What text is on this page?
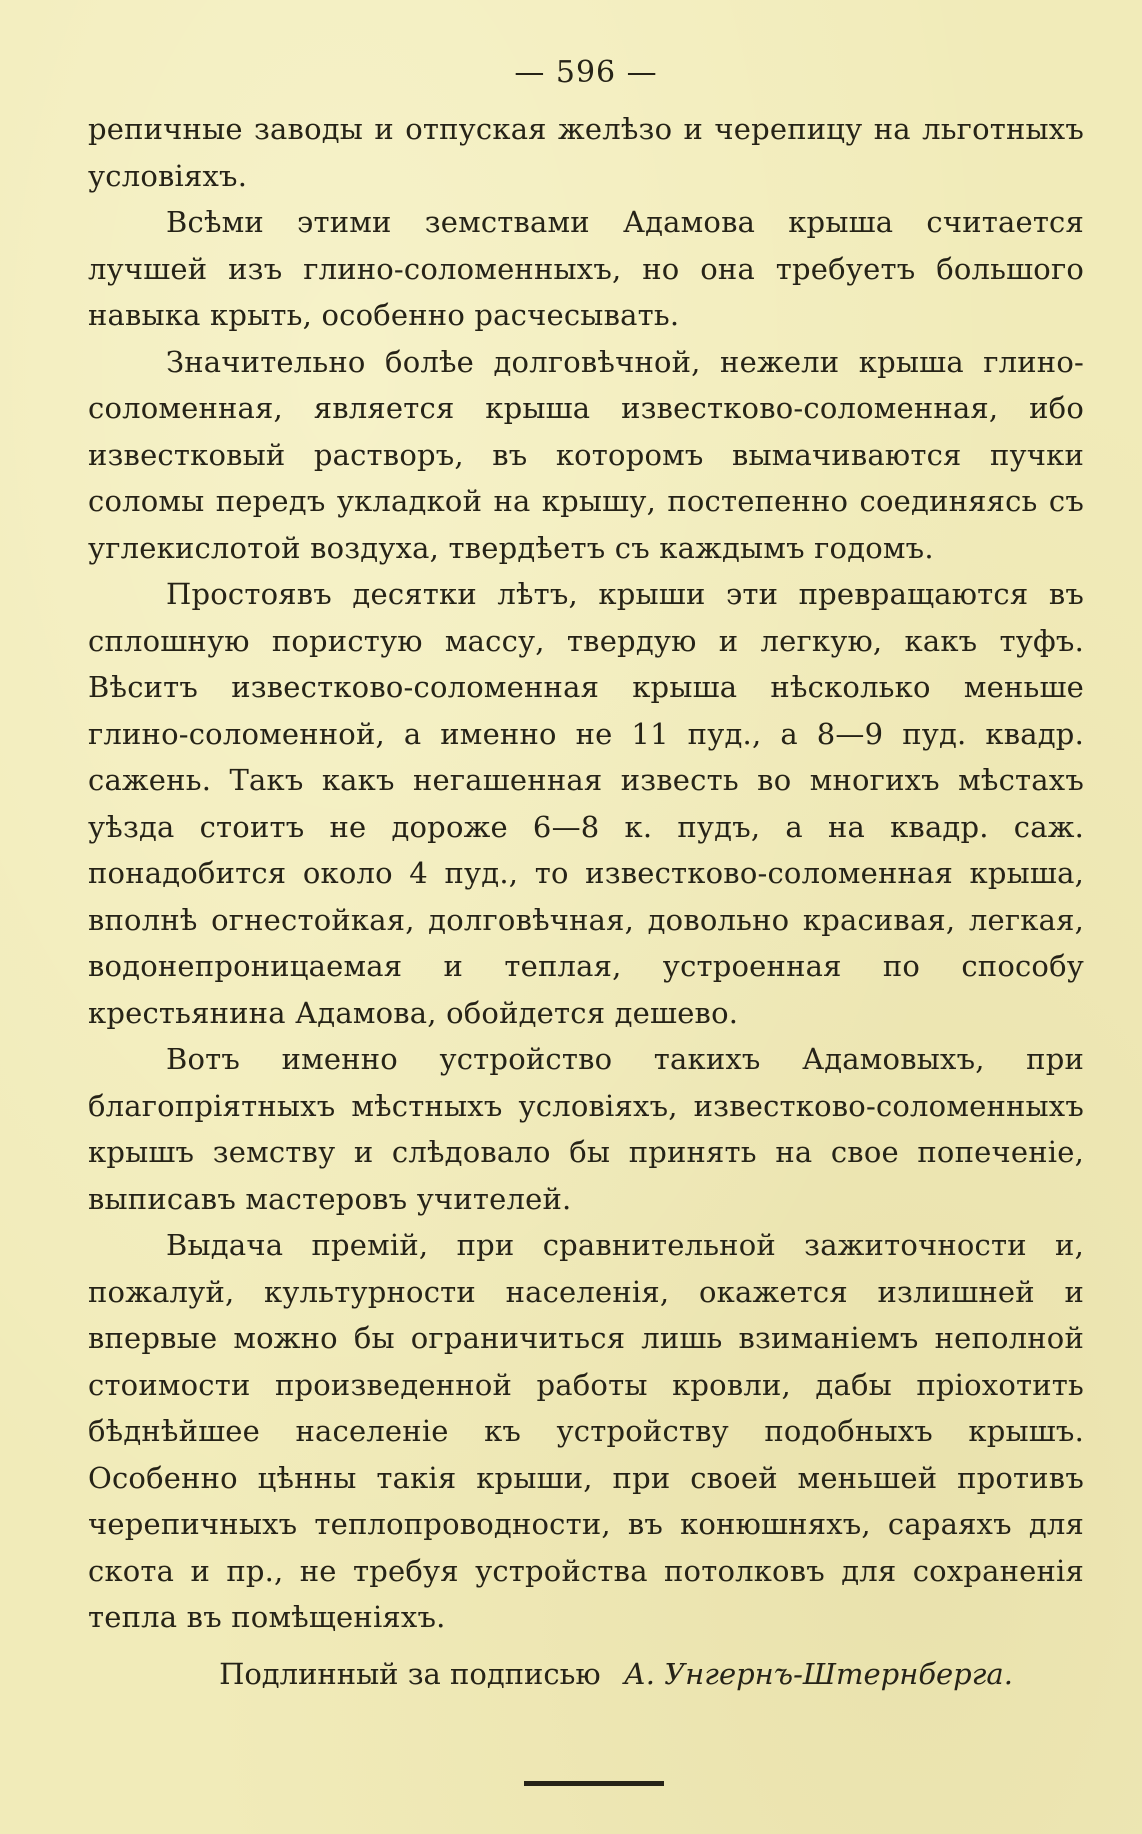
— 596 —

репичные заводы и отпуская желѣзо и черепицу на льготныхъ условіяхъ.

Всѣми этими земствами Адамова крыша считается лучшей изъ глино-соломенныхъ, но она требуетъ большого навыка крыть, особенно расчесывать.

Значительно болѣе долговѣчной, нежели крыша глино-соломенная, является крыша известково-соломенная, ибо известковый растворъ, въ которомъ вымачиваются пучки соломы передъ укладкой на крышу, постепенно соединяясь съ углекислотой воздуха, твердѣетъ съ каждымъ годомъ.

Простоявъ десятки лѣтъ, крыши эти превращаются въ сплошную пористую массу, твердую и легкую, какъ туфъ. Вѣситъ известково-соломенная крыша нѣсколько меньше глино-соломенной, а именно не 11 пуд., а 8—9 пуд. квадр. сажень. Такъ какъ негашенная известь во многихъ мѣстахъ уѣзда стоитъ не дороже 6—8 к. пудъ, а на квадр. саж. понадобится около 4 пуд., то известково-соломенная крыша, вполнѣ огнестойкая, долговѣчная, довольно красивая, легкая, водонепроницаемая и теплая, устроенная по способу крестьянина Адамова, обойдется дешево.

Вотъ именно устройство такихъ Адамовыхъ, при благопріятныхъ мѣстныхъ условіяхъ, известково-соломенныхъ крышъ земству и слѣдовало бы принять на свое попеченіе, выписавъ мастеровъ учителей.

Выдача премій, при сравнительной зажиточности и, пожалуй, культурности населенія, окажется излишней и впервые можно бы ограничиться лишь взиманіемъ неполной стоимости произведенной работы кровли, дабы пріохотить бѣднѣйшее населеніе къ устройству подобныхъ крышъ. Особенно цѣнны такія крыши, при своей меньшей противъ черепичныхъ теплопроводности, въ конюшняхъ, сараяхъ для скота и пр., не требуя устройства потолковъ для сохраненія тепла въ помѣщеніяхъ.

Подлинный за подписью А. Унгернъ-Штернберга.
